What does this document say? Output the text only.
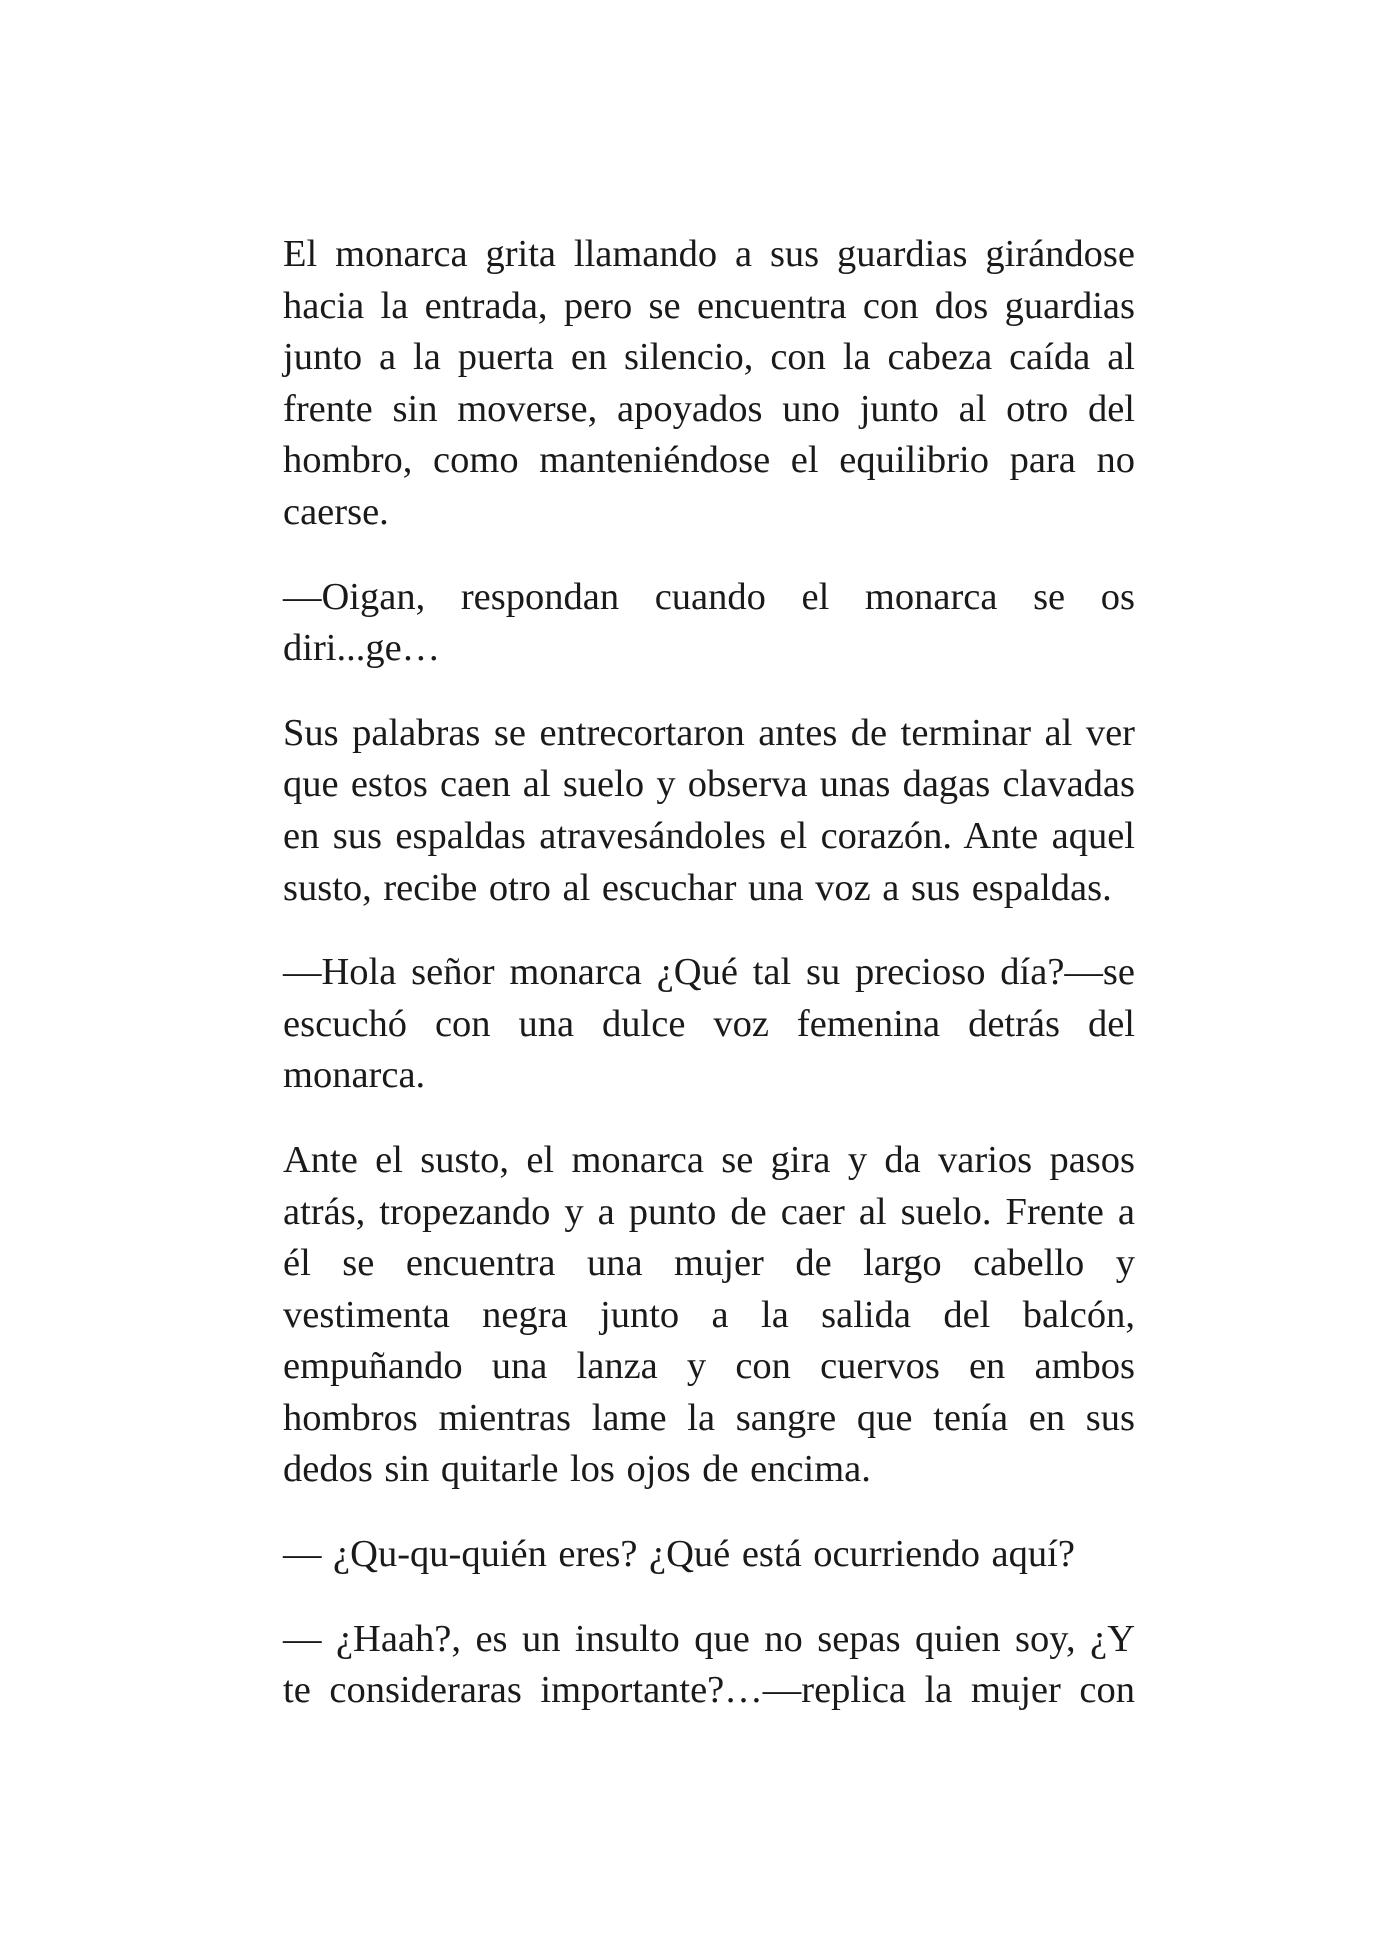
El monarca grita llamando a sus guardias girándose hacia la entrada, pero se encuentra con dos guardias junto a la puerta en silencio, con la cabeza caída al frente sin moverse, apoyados uno junto al otro del hombro, como manteniéndose el equilibrio para no caerse.

—Oigan, respondan cuando el monarca se os diri...ge…

Sus palabras se entrecortaron antes de terminar al ver que estos caen al suelo y observa unas dagas clavadas en sus espaldas atravesándoles el corazón. Ante aquel susto, recibe otro al escuchar una voz a sus espaldas.

—Hola señor monarca ¿Qué tal su precioso día?—se escuchó con una dulce voz femenina detrás del monarca.

Ante el susto, el monarca se gira y da varios pasos atrás, tropezando y a punto de caer al suelo. Frente a él se encuentra una mujer de largo cabello y vestimenta negra junto a la salida del balcón, empuñando una lanza y con cuervos en ambos hombros mientras lame la sangre que tenía en sus dedos sin quitarle los ojos de encima.

— ¿Qu-qu-quién eres? ¿Qué está ocurriendo aquí?

— ¿Haah?, es un insulto que no sepas quien soy, ¿Y te consideraras importante?…—replica la mujer con
